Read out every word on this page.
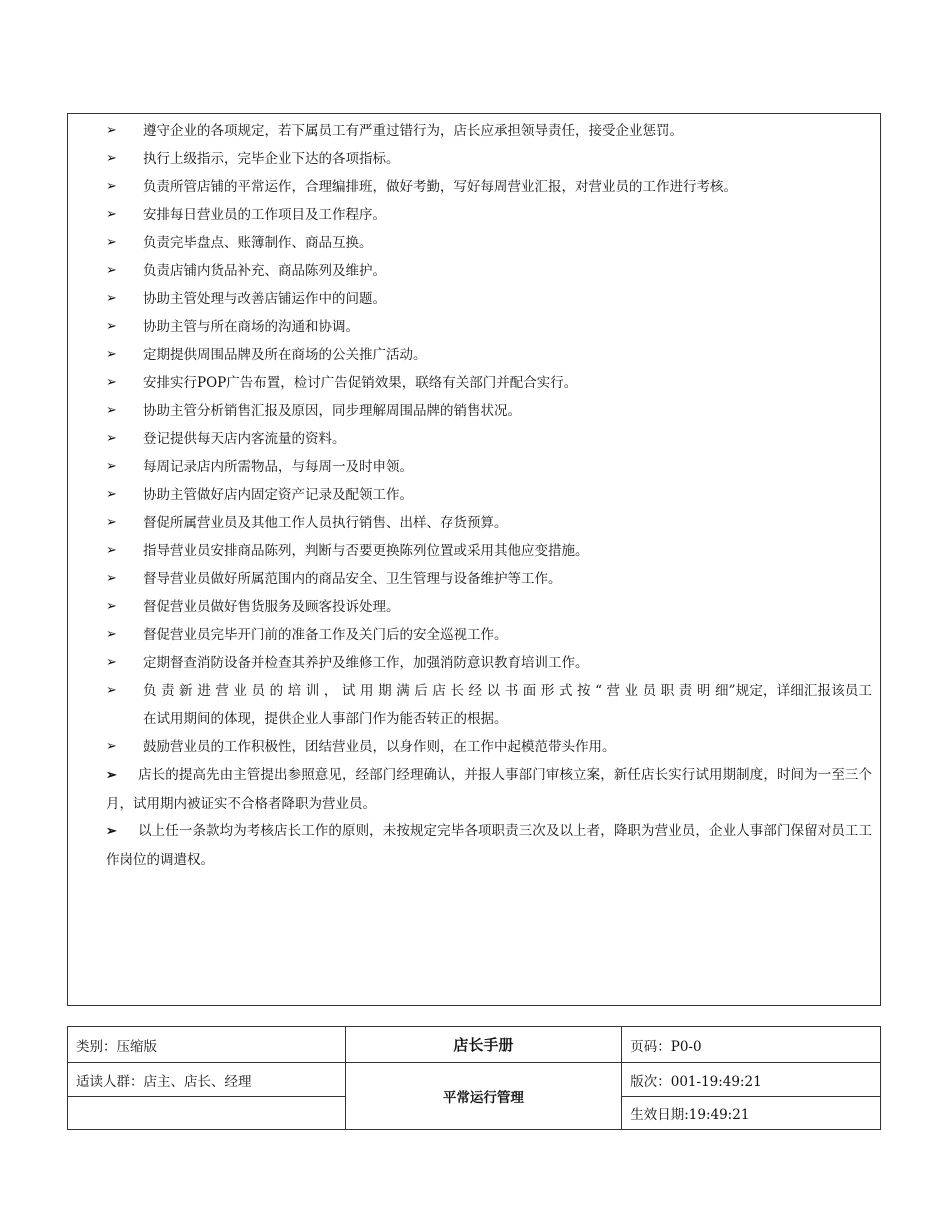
➢ 遵守企业的各项规定，若下属员工有严重过错行为，店长应承担领导责任，接受企业惩罚。
➢ 执行上级指示，完毕企业下达的各项指标。
➢ 负责所管店铺的平常运作，合理编排班，做好考勤，写好每周营业汇报，对营业员的工作进行考核。
➢ 安排每日营业员的工作项目及工作程序。
➢ 负责完毕盘点、账簿制作、商品互换。
➢ 负责店铺内货品补充、商品陈列及维护。
➢ 协助主管处理与改善店铺运作中的问题。
➢ 协助主管与所在商场的沟通和协调。
➢ 定期提供周围品牌及所在商场的公关推广活动。
➢ 安排实行POP广告布置，检讨广告促销效果，联络有关部门并配合实行。
➢ 协助主管分析销售汇报及原因，同步理解周围品牌的销售状况。
➢ 登记提供每天店内客流量的资料。
➢ 每周记录店内所需物品，与每周一及时申领。
➢ 协助主管做好店内固定资产记录及配领工作。
➢ 督促所属营业员及其他工作人员执行销售、出样、存货预算。
➢ 指导营业员安排商品陈列，判断与否要更换陈列位置或采用其他应变措施。
➢ 督导营业员做好所属范围内的商品安全、卫生管理与设备维护等工作。
➢ 督促营业员做好售货服务及顾客投诉处理。
➢ 督促营业员完毕开门前的准备工作及关门后的安全巡视工作。
➢ 定期督查消防设备并检查其养护及维修工作，加强消防意识教育培训工作。
➢ 负 责 新 进 营 业 员 的 培 训 ， 试 用 期 满 后 店 长 经 以 书 面 形 式 按 “ 营 业 员 职 责 明 细”规定，详细汇报该员工在试用期间的体现，提供企业人事部门作为能否转正的根据。
➢ 鼓励营业员的工作积极性，团结营业员，以身作则，在工作中起模范带头作用。
➢ 店长的提高先由主管提出参照意见，经部门经理确认，并报人事部门审核立案，新任店长实行试用期制度，时间为一至三个月，试用期内被证实不合格者降职为营业员。
➢ 以上任一条款均为考核店长工作的原则，未按规定完毕各项职责三次及以上者，降职为营业员，企业人事部门保留对员工工作岗位的调遣权。
类别：压缩版	店长手册	页码：P0-0
适读人群：店主、店长、经理	平常运行管理	版次：001-19:49:21
		生效日期:19:49:21
